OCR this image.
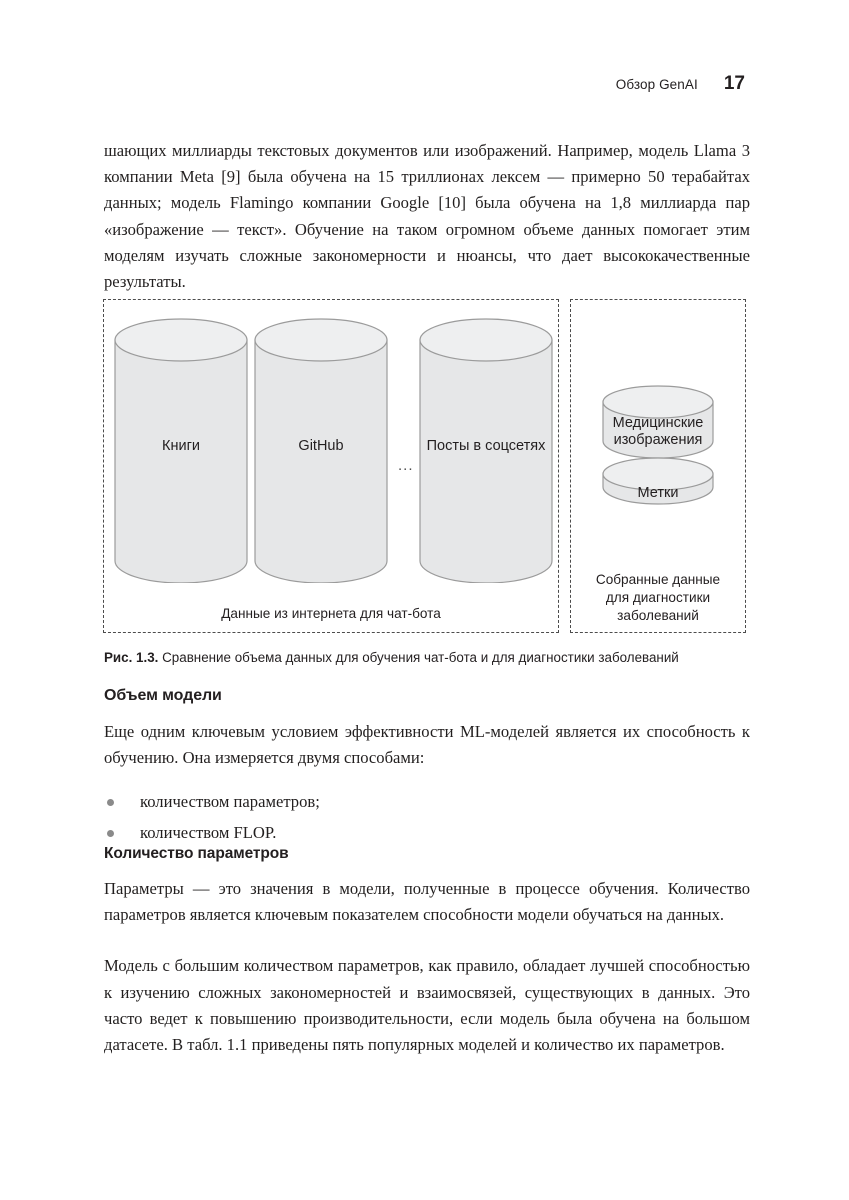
Обзор GenAI 17

шающих миллиарды текстовых документов или изображений. Например, модель Llama 3 компании Meta [9] была обучена на 15 триллионах лексем — примерно 50 терабайтах данных; модель Flamingo компании Google [10] была обучена на 1,8 миллиарда пар «изображение — текст». Обучение на таком огромном объеме данных помогает этим моделям изучать сложные закономерности и нюансы, что дает высококачественные результаты.

Книги	GitHub
...
Посты в соцсетях
Данные из интернета для чат-бота
Медицинские
изображения
Метки
Собранные данные
для диагностики
заболеваний
Рис. 1.3. Сравнение объема данных для обучения чат-бота и для диагностики заболеваний
Объем модели

Еще одним ключевым условием эффективности ML-моделей является их способность к обучению. Она измеряется двумя способами:

количеством параметров;
количеством FLOP.
Количество параметров

Параметры — это значения в модели, полученные в процессе обучения. Количество параметров является ключевым показателем способности модели обучаться на данных.

Модель с большим количеством параметров, как правило, обладает лучшей способностью к изучению сложных закономерностей и взаимосвязей, существующих в данных. Это часто ведет к повышению производительности, если модель была обучена на большом датасете. В табл. 1.1 приведены пять популярных моделей и количество их параметров.
